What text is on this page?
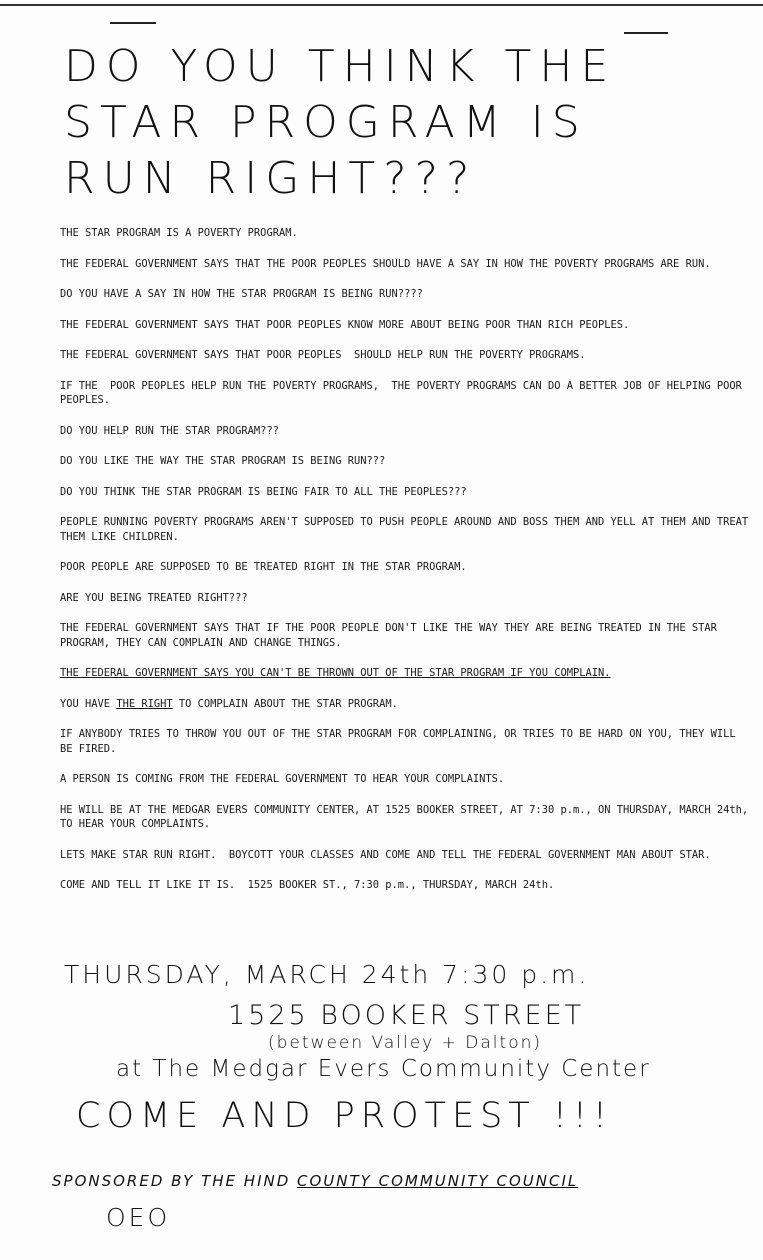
DO YOU THINK THE
STAR PROGRAM IS
RUN RIGHT???

THE STAR PROGRAM IS A POVERTY PROGRAM.

THE FEDERAL GOVERNMENT SAYS THAT THE POOR PEOPLES SHOULD HAVE A SAY IN HOW THE POVERTY PROGRAMS ARE RUN.

DO YOU HAVE A SAY IN HOW THE STAR PROGRAM IS BEING RUN????

THE FEDERAL GOVERNMENT SAYS THAT POOR PEOPLES KNOW MORE ABOUT BEING POOR THAN RICH PEOPLES.

THE FEDERAL GOVERNMENT SAYS THAT POOR PEOPLES  SHOULD HELP RUN THE POVERTY PROGRAMS.

IF THE  POOR PEOPLES HELP RUN THE POVERTY PROGRAMS,  THE POVERTY PROGRAMS CAN DO A BETTER JOB OF HELPING POOR PEOPLES.

DO YOU HELP RUN THE STAR PROGRAM???

DO YOU LIKE THE WAY THE STAR PROGRAM IS BEING RUN???

DO YOU THINK THE STAR PROGRAM IS BEING FAIR TO ALL THE PEOPLES???

PEOPLE RUNNING POVERTY PROGRAMS AREN'T SUPPOSED TO PUSH PEOPLE AROUND AND BOSS THEM AND YELL AT THEM AND TREAT THEM LIKE CHILDREN.

POOR PEOPLE ARE SUPPOSED TO BE TREATED RIGHT IN THE STAR PROGRAM.

ARE YOU BEING TREATED RIGHT???

THE FEDERAL GOVERNMENT SAYS THAT IF THE POOR PEOPLE DON'T LIKE THE WAY THEY ARE BEING TREATED IN THE STAR PROGRAM, THEY CAN COMPLAIN AND CHANGE THINGS.

THE FEDERAL GOVERNMENT SAYS YOU CAN'T BE THROWN OUT OF THE STAR PROGRAM IF YOU COMPLAIN.

YOU HAVE THE RIGHT TO COMPLAIN ABOUT THE STAR PROGRAM.

IF ANYBODY TRIES TO THROW YOU OUT OF THE STAR PROGRAM FOR COMPLAINING, OR TRIES TO BE HARD ON YOU, THEY WILL BE FIRED.

A PERSON IS COMING FROM THE FEDERAL GOVERNMENT TO HEAR YOUR COMPLAINTS.

HE WILL BE AT THE MEDGAR EVERS COMMUNITY CENTER, AT 1525 BOOKER STREET, AT 7:30 p.m., ON THURSDAY, MARCH 24th, TO HEAR YOUR COMPLAINTS.

LETS MAKE STAR RUN RIGHT.  BOYCOTT YOUR CLASSES AND COME AND TELL THE FEDERAL GOVERNMENT MAN ABOUT STAR.

COME AND TELL IT LIKE IT IS.  1525 BOOKER ST., 7:30 p.m., THURSDAY, MARCH 24th.

THURSDAY, MARCH 24th 7:30 p.m.
1525 BOOKER STREET
(between Valley + Dalton)
at The Medgar Evers Community Center
COME AND PROTEST !!!
SPONSORED BY THE HIND COUNTY COMMUNITY COUNCIL
OEO
